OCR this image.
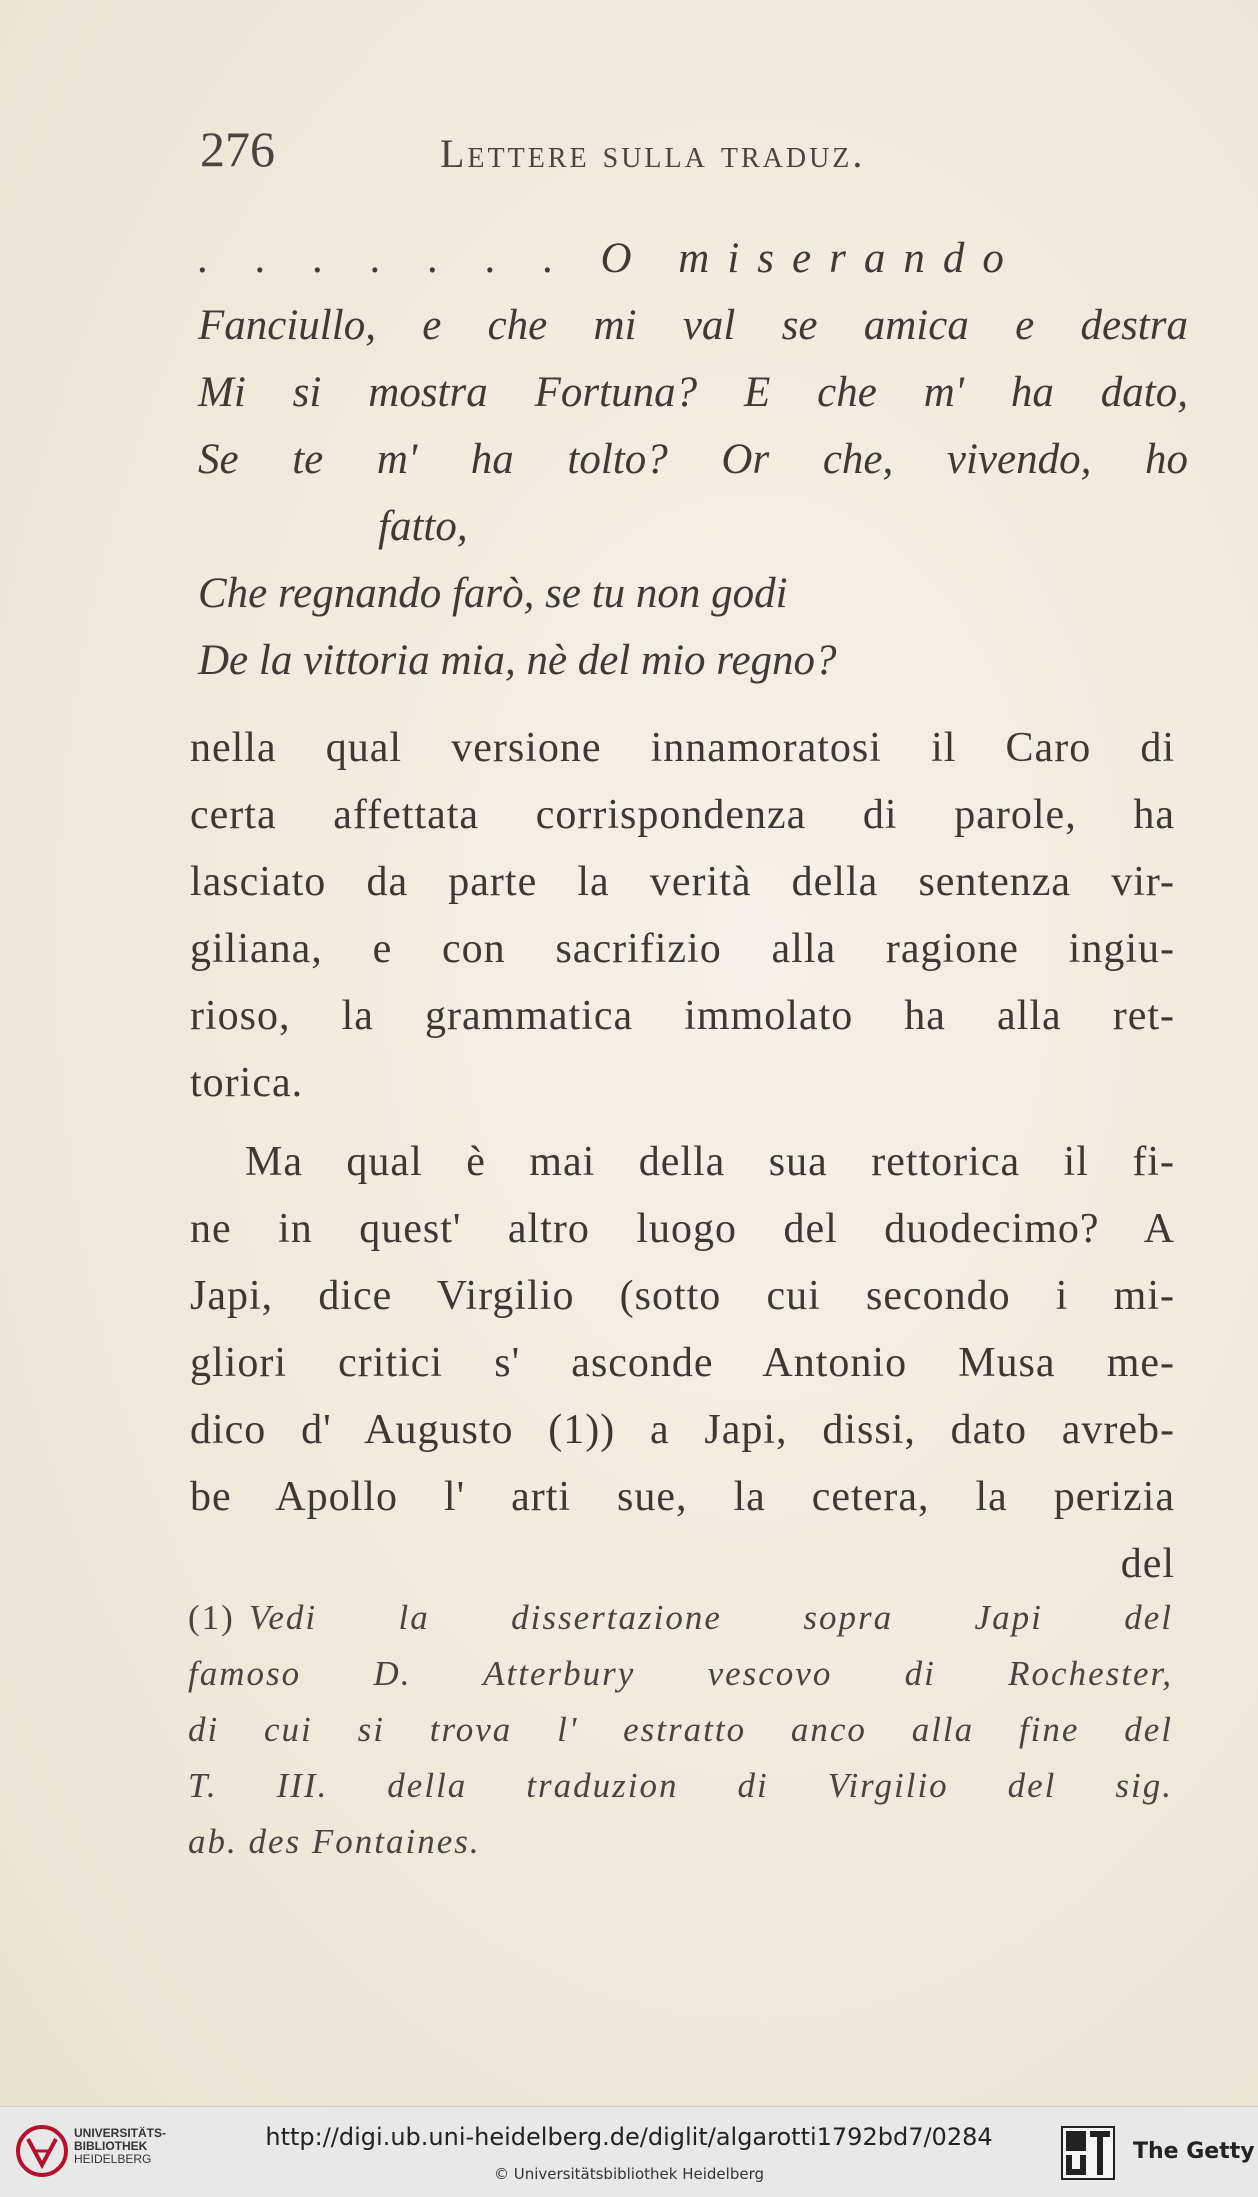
276	Lettere sulla traduz.
. . . . . . . O miserando
Fanciullo, e che mi val se amica e destra
Mi si mostra Fortuna? E che m' ha dato,
Se te m' ha tolto? Or che, vivendo, ho
fatto,
Che regnando farò, se tu non godi
De la vittoria mia, nè del mio regno?
nella qual versione innamoratosi il Caro di
certa affettata corrispondenza di parole, ha
lasciato da parte la verità della sentenza vir-
giliana, e con sacrifizio alla ragione ingiu-
rioso, la grammatica immolato ha alla ret-
torica.
Ma qual è mai della sua rettorica il fi-
ne in quest' altro luogo del duodecimo? A
Japi, dice Virgilio (sotto cui secondo i mi-
gliori critici s' asconde Antonio Musa me-
dico d' Augusto (1)) a Japi, dissi, dato avreb-
be Apollo l' arti sue, la cetera, la perizia
del
(1) Vedi la dissertazione sopra Japi del
famoso D. Atterbury vescovo di Rochester,
di cui si trova l' estratto anco alla fine del
T. III. della traduzion di Virgilio del sig.
ab. des Fontaines.
UNIVERSITÄTS-
BIBLIOTHEK
HEIDELBERG
http://digi.ub.uni-heidelberg.de/diglit/algarotti1792bd7/0284
© Universitätsbibliothek Heidelberg
The Getty
